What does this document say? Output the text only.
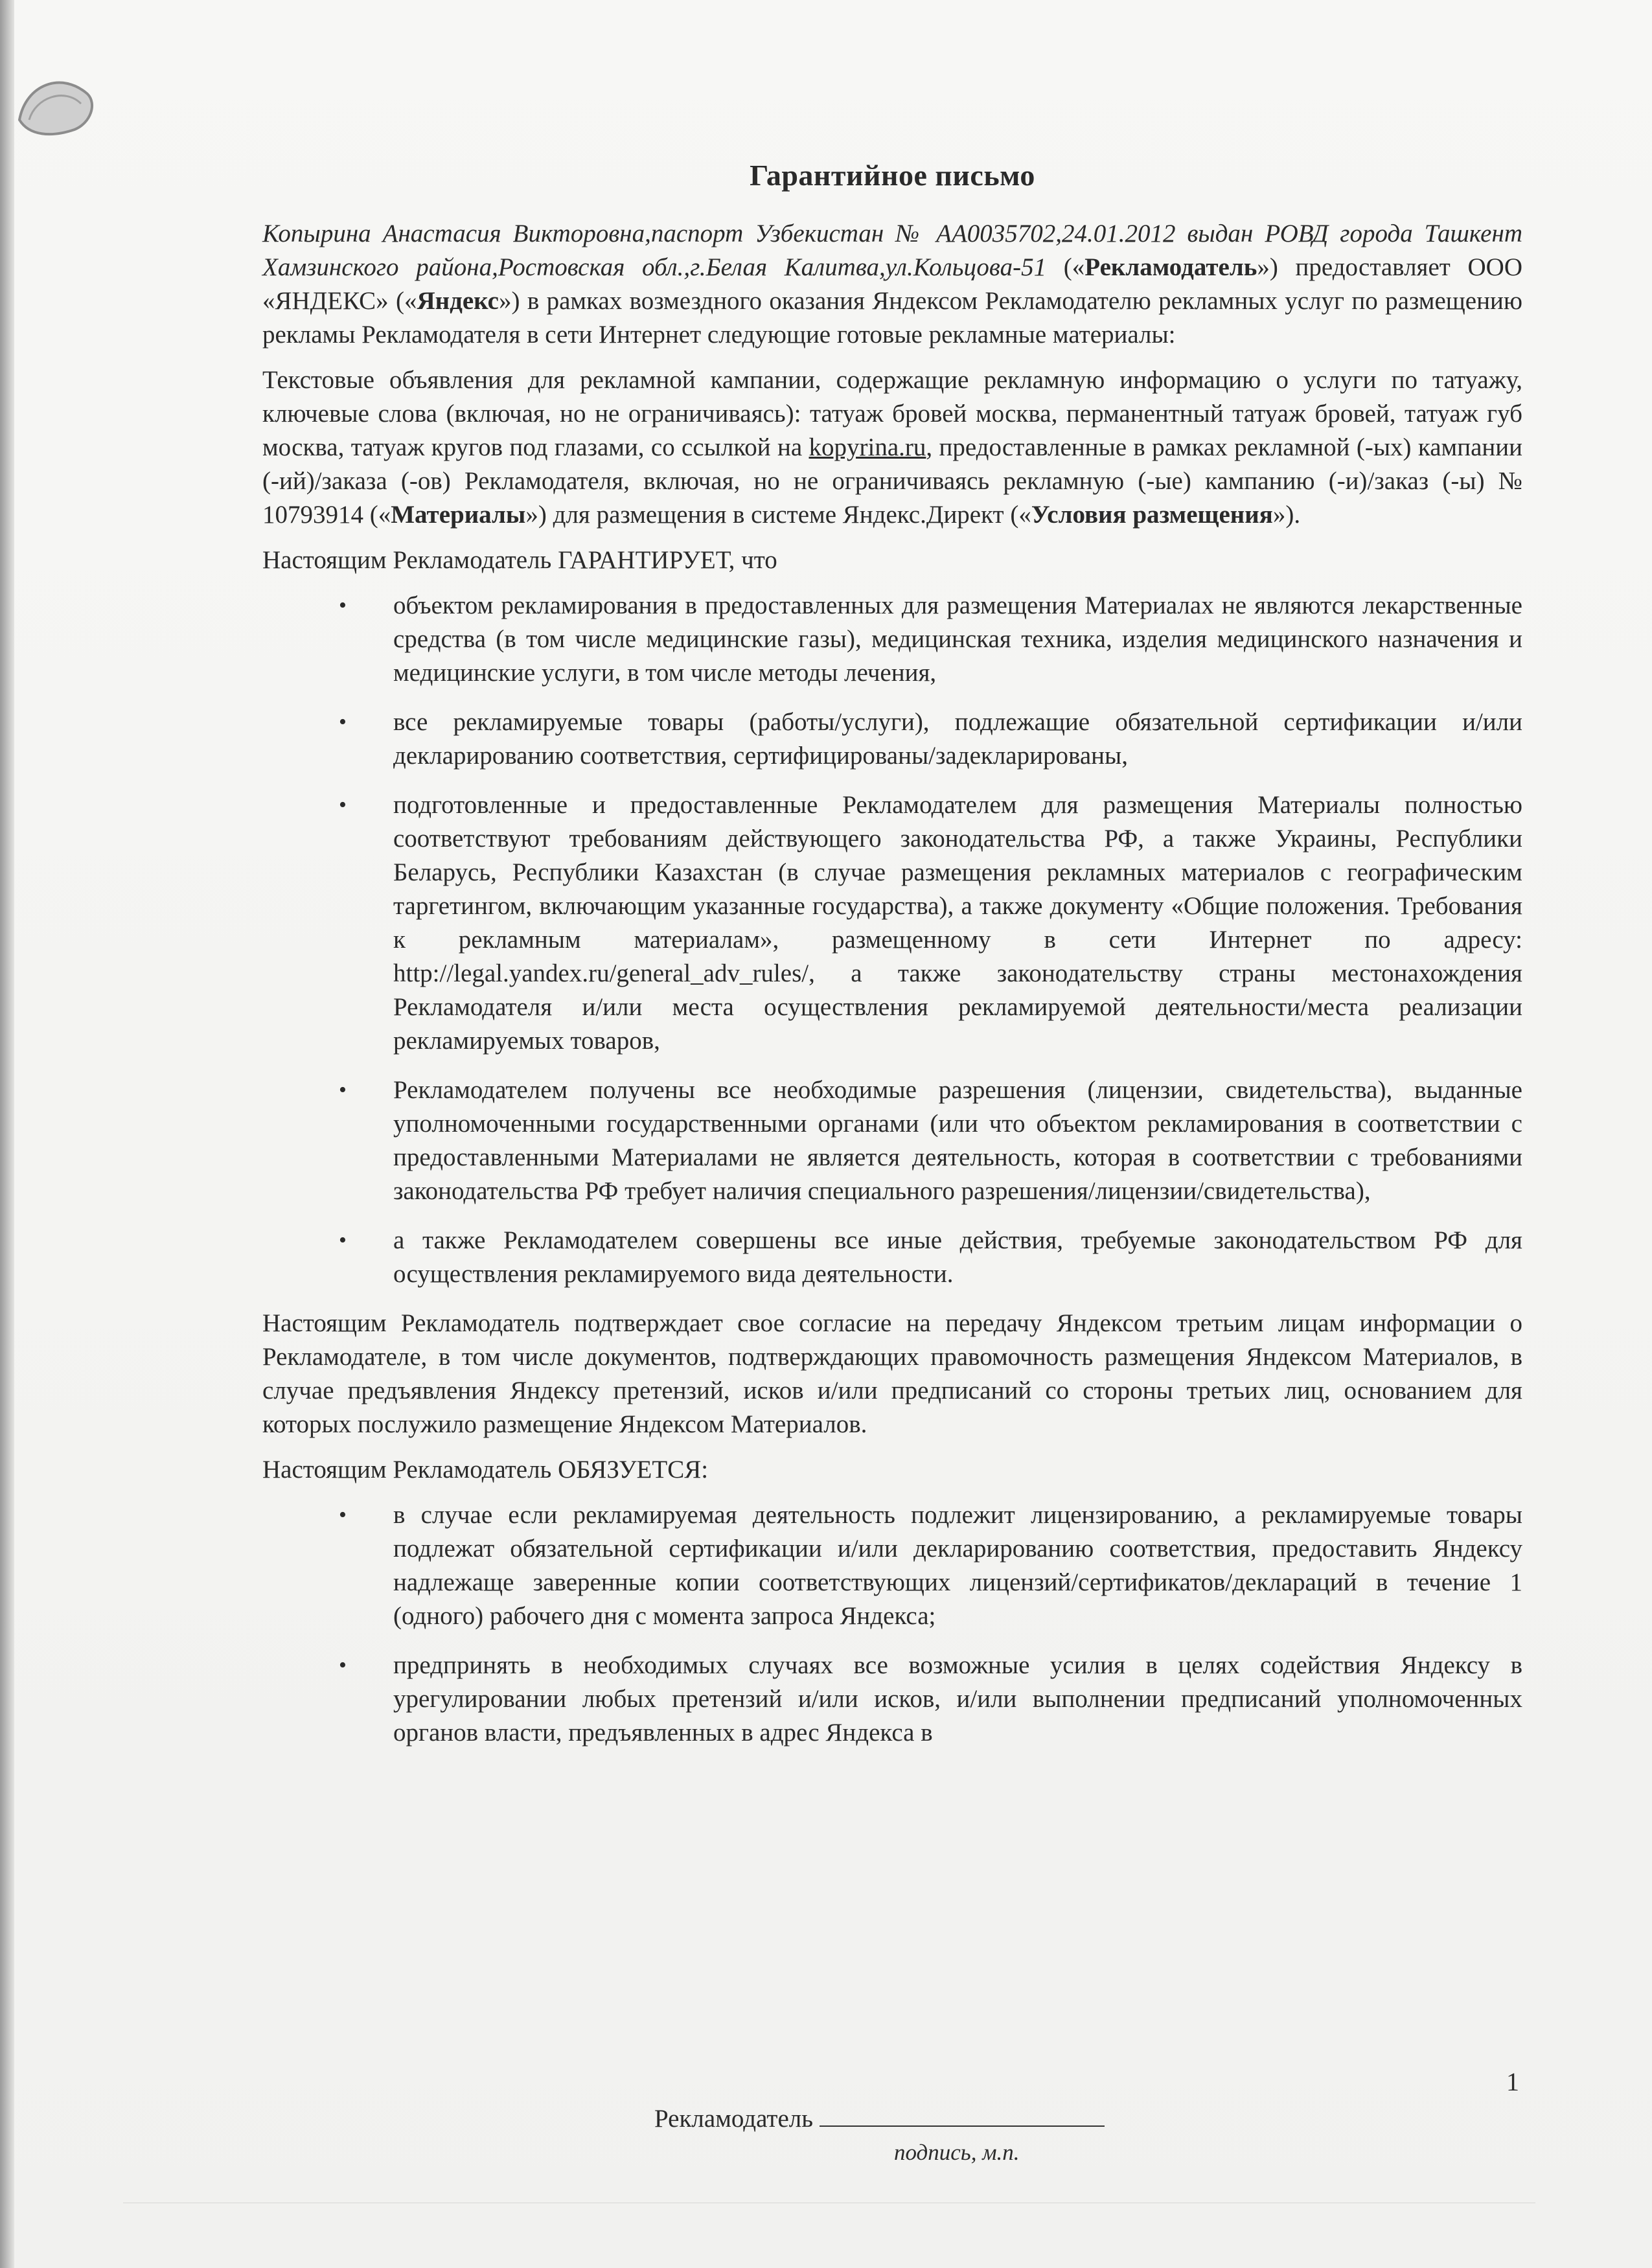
Гарантийное письмо

Копырина Анастасия Викторовна,паспорт Узбекистан № АА0035702,24.01.2012 выдан РОВД города Ташкент Хамзинского района,Ростовская обл.,г.Белая Калитва,ул.Кольцова-51 («Рекламодатель») предоставляет ООО «ЯНДЕКС» («Яндекс») в рамках возмездного оказания Яндексом Рекламодателю рекламных услуг по размещению рекламы Рекламодателя в сети Интернет следующие готовые рекламные материалы:

Текстовые объявления для рекламной кампании, содержащие рекламную информацию о услуги по татуажу, ключевые слова (включая, но не ограничиваясь): татуаж бровей москва, перманентный татуаж бровей, татуаж губ москва, татуаж кругов под глазами, со ссылкой на kopyrina.ru, предоставленные в рамках рекламной (-ых) кампании (-ий)/заказа (-ов) Рекламодателя, включая, но не ограничиваясь рекламную (-ые) кампанию (-и)/заказ (-ы) № 10793914 («Материалы») для размещения в системе Яндекс.Директ («Условия размещения»).

Настоящим Рекламодатель ГАРАНТИРУЕТ, что

• объектом рекламирования в предоставленных для размещения Материалах не являются лекарственные средства (в том числе медицинские газы), медицинская техника, изделия медицинского назначения и медицинские услуги, в том числе методы лечения,
• все рекламируемые товары (работы/услуги), подлежащие обязательной сертификации и/или декларированию соответствия, сертифицированы/задекларированы,
• подготовленные и предоставленные Рекламодателем для размещения Материалы полностью соответствуют требованиям действующего законодательства РФ, а также Украины, Республики Беларусь, Республики Казахстан (в случае размещения рекламных материалов с географическим таргетингом, включающим указанные государства), а также документу «Общие положения. Требования к рекламным материалам», размещенному в сети Интернет по адресу: http://legal.yandex.ru/general_adv_rules/, а также законодательству страны местонахождения Рекламодателя и/или места осуществления рекламируемой деятельности/места реализации рекламируемых товаров,
• Рекламодателем получены все необходимые разрешения (лицензии, свидетельства), выданные уполномоченными государственными органами (или что объектом рекламирования в соответствии с предоставленными Материалами не является деятельность, которая в соответствии с требованиями законодательства РФ требует наличия специального разрешения/лицензии/свидетельства),
• а также Рекламодателем совершены все иные действия, требуемые законодательством РФ для осуществления рекламируемого вида деятельности.

Настоящим Рекламодатель подтверждает свое согласие на передачу Яндексом третьим лицам информации о Рекламодателе, в том числе документов, подтверждающих правомочность размещения Яндексом Материалов, в случае предъявления Яндексу претензий, исков и/или предписаний со стороны третьих лиц, основанием для которых послужило размещение Яндексом Материалов.

Настоящим Рекламодатель ОБЯЗУЕТСЯ:

• в случае если рекламируемая деятельность подлежит лицензированию, а рекламируемые товары подлежат обязательной сертификации и/или декларированию соответствия, предоставить Яндексу надлежаще заверенные копии соответствующих лицензий/сертификатов/деклараций в течение 1 (одного) рабочего дня с момента запроса Яндекса;
• предпринять в необходимых случаях все возможные усилия в целях содействия Яндексу в урегулировании любых претензий и/или исков, и/или выполнении предписаний уполномоченных органов власти, предъявленных в адрес Яндекса в
1
Рекламодатель
подпись, м.п.
